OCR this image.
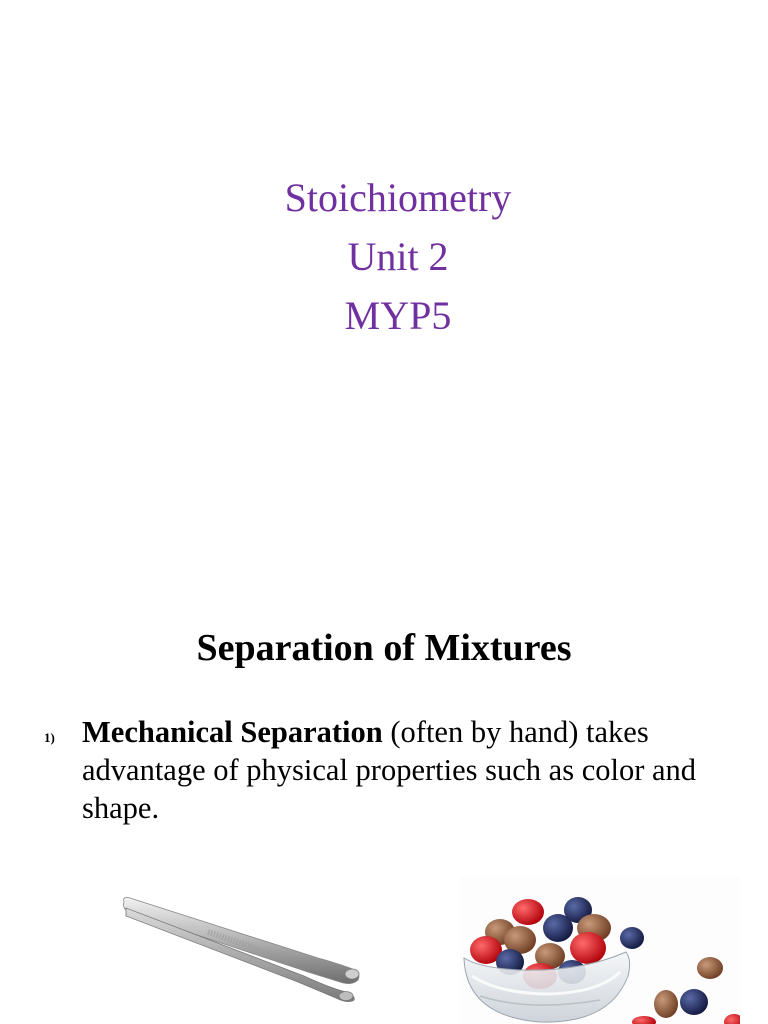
Stoichiometry
Unit 2
MYP5
Separation of Mixtures
1) Mechanical Separation (often by hand) takes advantage of physical properties such as color and shape.
